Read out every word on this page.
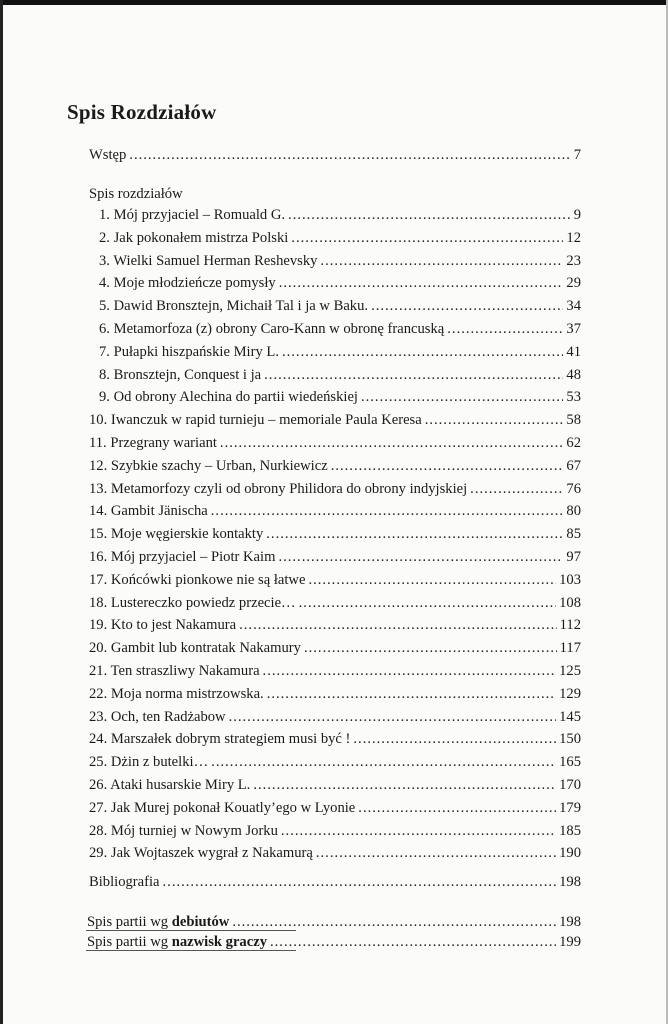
Spis Rozdziałów
Wstęp .....	7
Spis rozdziałów
1. Mój przyjaciel – Romuald G. .....	9
2. Jak pokonałem mistrza Polski .....	12
3. Wielki Samuel Herman Reshevsky .....	23
4. Moje młodzieńcze pomysły .....	29
5. Dawid Bronsztejn, Michaił Tal i ja w Baku. .....	34
6. Metamorfoza (z) obrony Caro-Kann w obronę francuską .....	37
7. Pułapki hiszpańskie Miry L. .....	41
8. Bronsztejn, Conquest i ja .....	48
9. Od obrony Alechina do partii wiedeńskiej .....	53
10. Iwanczuk w rapid turnieju – memoriale Paula Keresa .....	58
11. Przegrany wariant .....	62
12. Szybkie szachy – Urban, Nurkiewicz .....	67
13. Metamorfozy czyli od obrony Philidora do obrony indyjskiej .....	76
14. Gambit Jänischa .....	80
15. Moje węgierskie kontakty .....	85
16. Mój przyjaciel – Piotr Kaim .....	97
17. Końcówki pionkowe nie są łatwe .....	103
18. Lustereczko powiedz przecie… .....	108
19. Kto to jest Nakamura .....	112
20. Gambit lub kontratak Nakamury .....	117
21. Ten straszliwy Nakamura .....	125
22. Moja norma mistrzowska. .....	129
23. Och, ten Radżabow .....	145
24. Marszałek dobrym strategiem musi być ! .....	150
25. Dżin z butelki… .....	165
26. Ataki husarskie Miry L. .....	170
27. Jak Murej pokonał Kouatly’ego w Lyonie .....	179
28. Mój turniej w Nowym Jorku .....	185
29. Jak Wojtaszek wygrał z Nakamurą .....	190
Bibliografia .....	198
Spis partii wg debiutów .....	198
Spis partii wg nazwisk graczy .....	199
